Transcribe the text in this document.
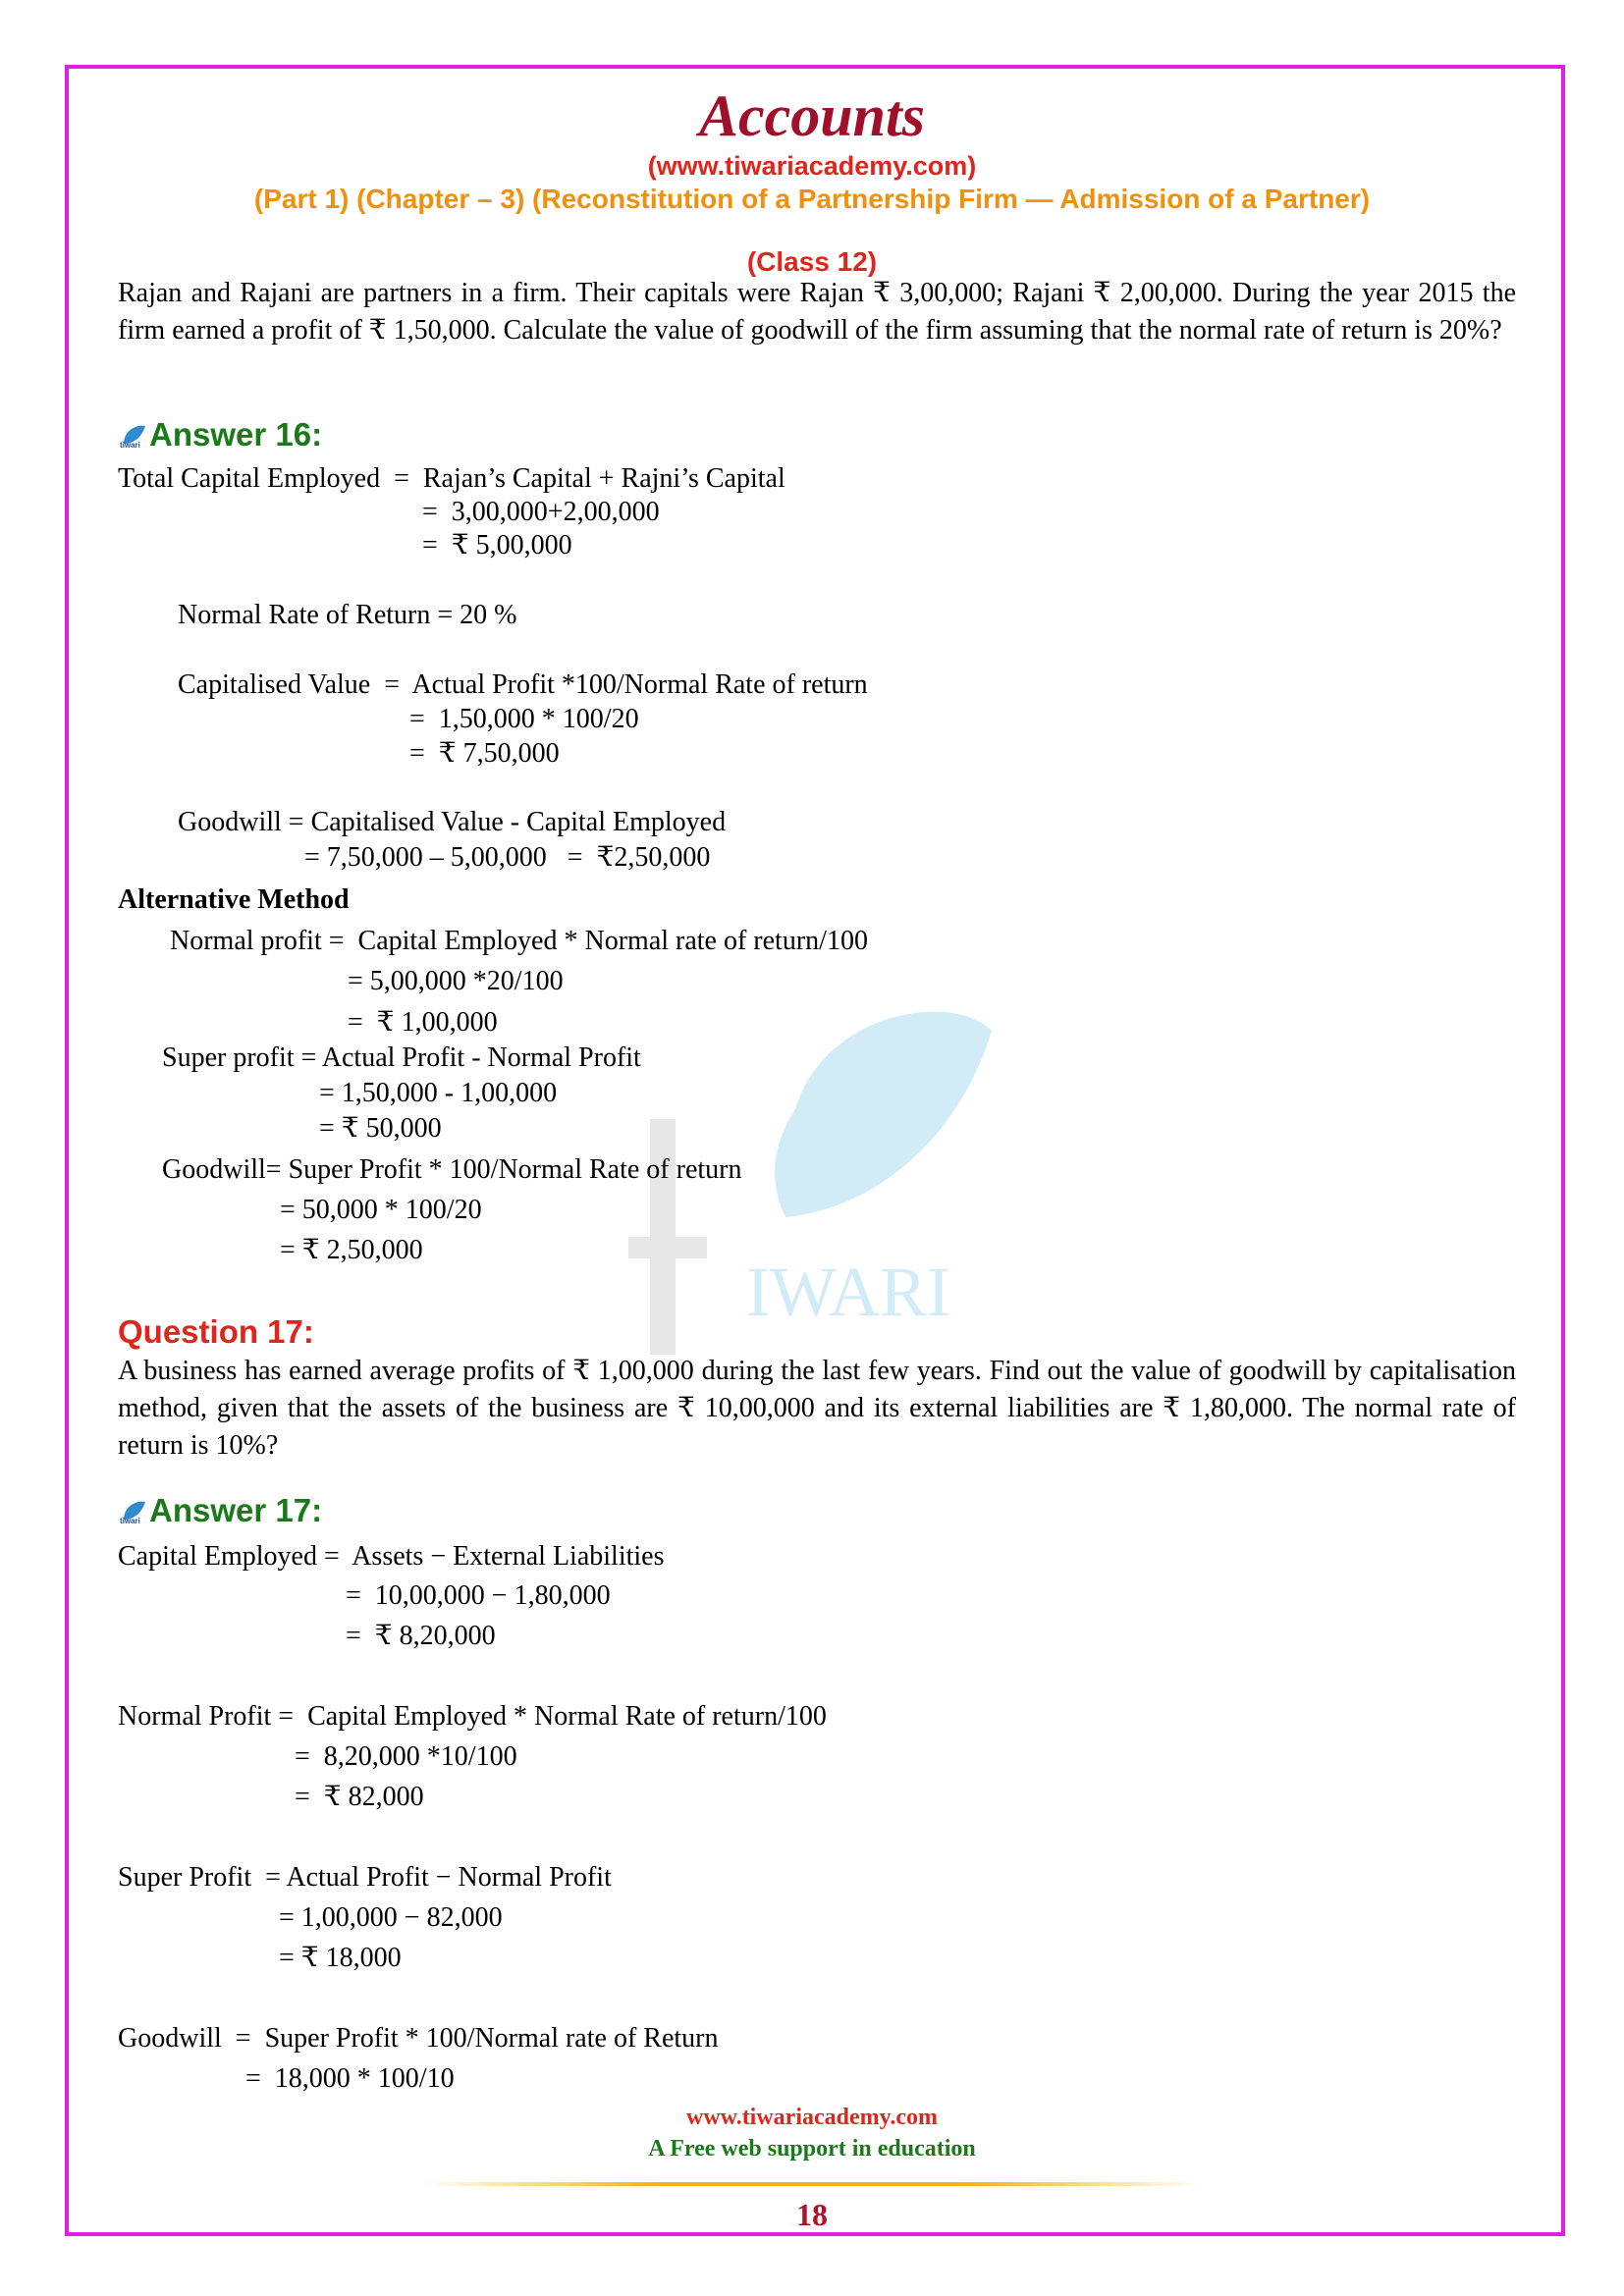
IWARI
Accounts
(www.tiwariacademy.com)
(Part 1) (Chapter – 3) (Reconstitution of a Partnership Firm — Admission of a Partner)
(Class 12)
Rajan and Rajani are partners in a firm. Their capitals were Rajan ₹ 3,00,000; Rajani ₹ 2,00,000. During the year 2015 the firm earned a profit of ₹ 1,50,000. Calculate the value of goodwill of the firm assuming that the normal rate of return is 20%?
tiwari Answer 16:
Total Capital Employed  =  Rajan’s Capital + Rajni’s Capital
=  3,00,000+2,00,000
=  ₹ 5,00,000
Normal Rate of Return = 20 %
Capitalised Value  =  Actual Profit *100/Normal Rate of return
=  1,50,000 * 100/20
=  ₹ 7,50,000
Goodwill = Capitalised Value - Capital Employed
= 7,50,000 – 5,00,000   =  ₹2,50,000
Alternative Method
Normal profit =  Capital Employed * Normal rate of return/100
= 5,00,000 *20/100
=  ₹ 1,00,000
Super profit = Actual Profit - Normal Profit
= 1,50,000 - 1,00,000
= ₹ 50,000
Goodwill= Super Profit * 100/Normal Rate of return
= 50,000 * 100/20
= ₹ 2,50,000
Question 17:
A business has earned average profits of ₹ 1,00,000 during the last few years. Find out the value of goodwill by capitalisation method, given that the assets of the business are ₹ 10,00,000 and its external liabilities are ₹ 1,80,000. The normal rate of return is 10%?
tiwari Answer 17:
Capital Employed =  Assets − External Liabilities
=  10,00,000 − 1,80,000
=  ₹ 8,20,000
Normal Profit =  Capital Employed * Normal Rate of return/100
=  8,20,000 *10/100
=  ₹ 82,000
Super Profit  = Actual Profit − Normal Profit
= 1,00,000 − 82,000
= ₹ 18,000
Goodwill  =  Super Profit * 100/Normal rate of Return
=  18,000 * 100/10
www.tiwariacademy.com
A Free web support in education
18
